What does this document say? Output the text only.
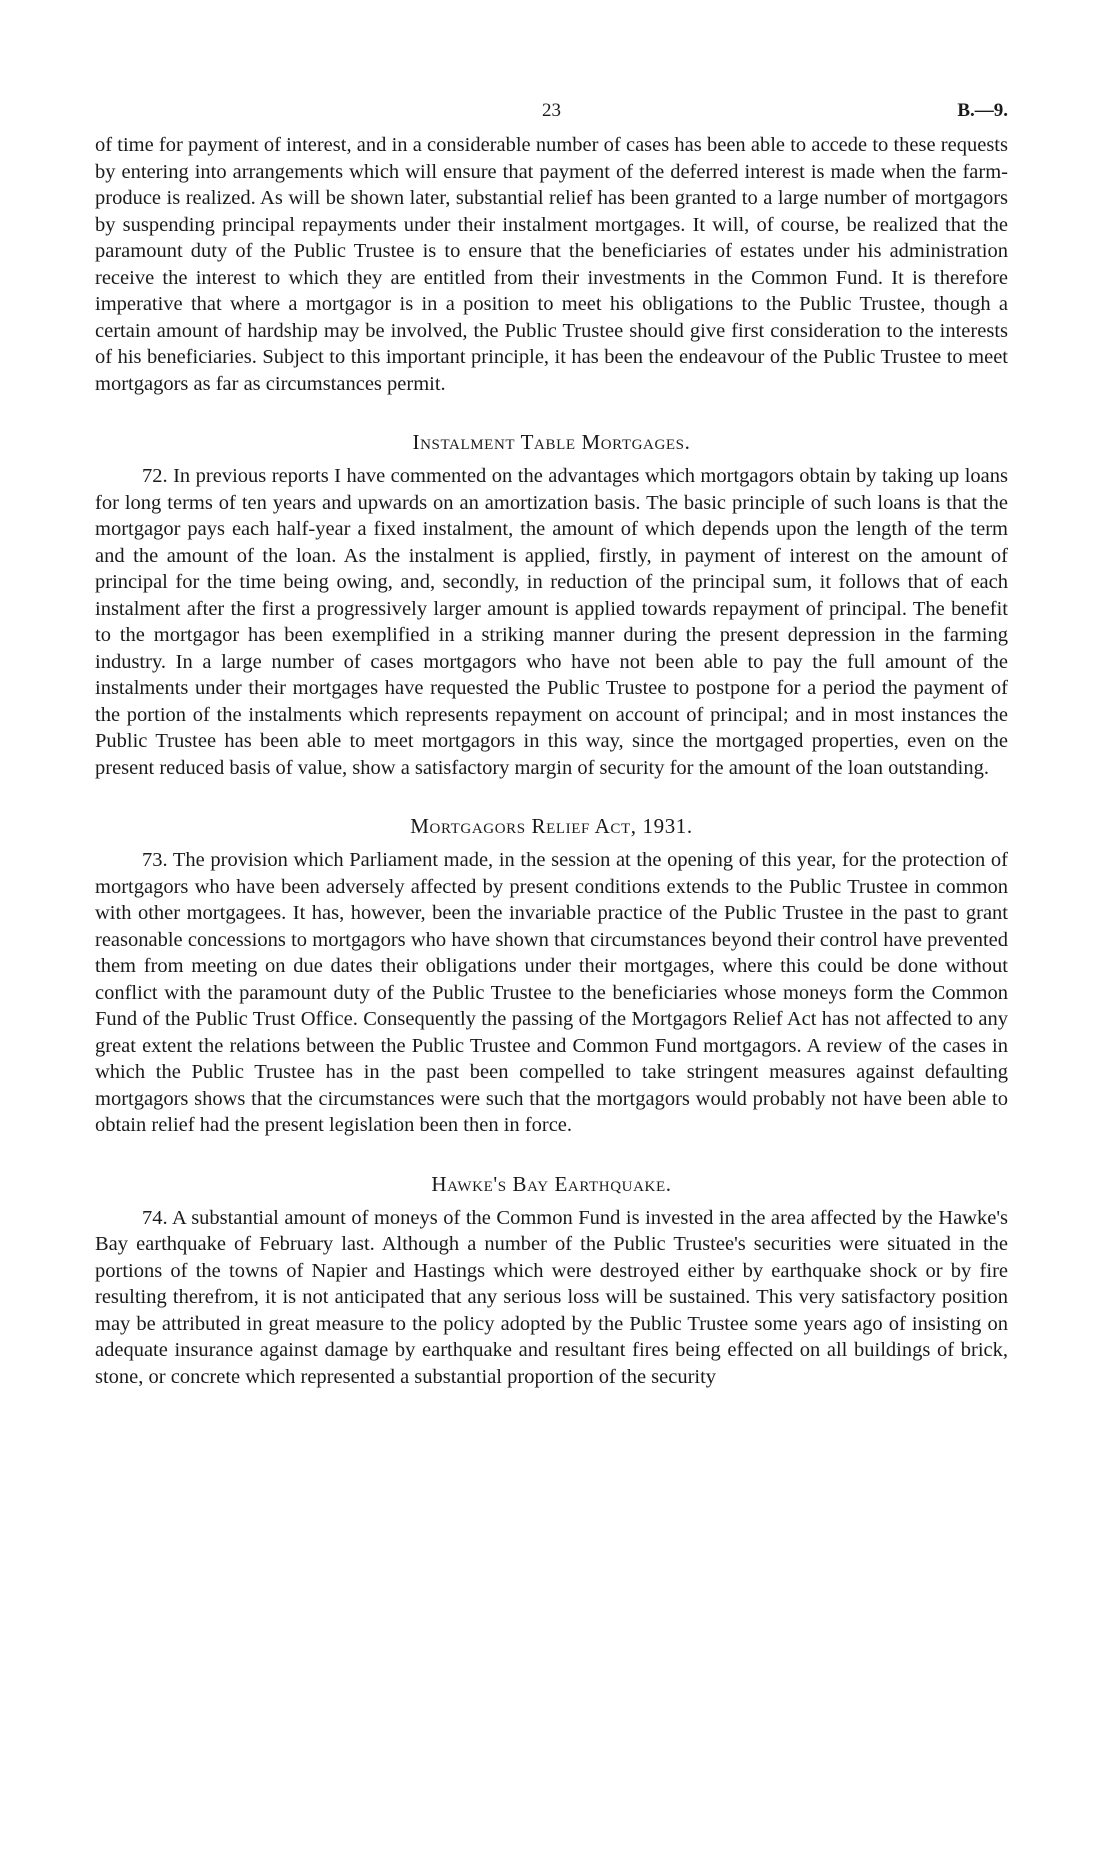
23	B.—9.

of time for payment of interest, and in a considerable number of cases has been able to accede to these requests by entering into arrangements which will ensure that payment of the deferred interest is made when the farm-produce is realized. As will be shown later, substantial relief has been granted to a large number of mortgagors by suspending principal repayments under their instalment mortgages. It will, of course, be realized that the paramount duty of the Public Trustee is to ensure that the beneficiaries of estates under his administration receive the interest to which they are entitled from their investments in the Common Fund. It is therefore imperative that where a mortgagor is in a position to meet his obligations to the Public Trustee, though a certain amount of hardship may be involved, the Public Trustee should give first consideration to the interests of his beneficiaries. Subject to this important principle, it has been the endeavour of the Public Trustee to meet mortgagors as far as circumstances permit.

Instalment Table Mortgages.

72. In previous reports I have commented on the advantages which mortgagors obtain by taking up loans for long terms of ten years and upwards on an amortization basis. The basic principle of such loans is that the mortgagor pays each half-year a fixed instalment, the amount of which depends upon the length of the term and the amount of the loan. As the instalment is applied, firstly, in payment of interest on the amount of principal for the time being owing, and, secondly, in reduction of the principal sum, it follows that of each instalment after the first a progressively larger amount is applied towards repayment of principal. The benefit to the mortgagor has been exemplified in a striking manner during the present depression in the farming industry. In a large number of cases mortgagors who have not been able to pay the full amount of the instalments under their mortgages have requested the Public Trustee to postpone for a period the payment of the portion of the instalments which represents repayment on account of principal; and in most instances the Public Trustee has been able to meet mortgagors in this way, since the mortgaged properties, even on the present reduced basis of value, show a satisfactory margin of security for the amount of the loan outstanding.

Mortgagors Relief Act, 1931.

73. The provision which Parliament made, in the session at the opening of this year, for the protection of mortgagors who have been adversely affected by present conditions extends to the Public Trustee in common with other mortgagees. It has, however, been the invariable practice of the Public Trustee in the past to grant reasonable concessions to mortgagors who have shown that circumstances beyond their control have prevented them from meeting on due dates their obligations under their mortgages, where this could be done without conflict with the paramount duty of the Public Trustee to the beneficiaries whose moneys form the Common Fund of the Public Trust Office. Consequently the passing of the Mortgagors Relief Act has not affected to any great extent the relations between the Public Trustee and Common Fund mortgagors. A review of the cases in which the Public Trustee has in the past been compelled to take stringent measures against defaulting mortgagors shows that the circumstances were such that the mortgagors would probably not have been able to obtain relief had the present legislation been then in force.

Hawke's Bay Earthquake.

74. A substantial amount of moneys of the Common Fund is invested in the area affected by the Hawke's Bay earthquake of February last. Although a number of the Public Trustee's securities were situated in the portions of the towns of Napier and Hastings which were destroyed either by earthquake shock or by fire resulting therefrom, it is not anticipated that any serious loss will be sustained. This very satisfactory position may be attributed in great measure to the policy adopted by the Public Trustee some years ago of insisting on adequate insurance against damage by earthquake and resultant fires being effected on all buildings of brick, stone, or concrete which represented a substantial proportion of the security
